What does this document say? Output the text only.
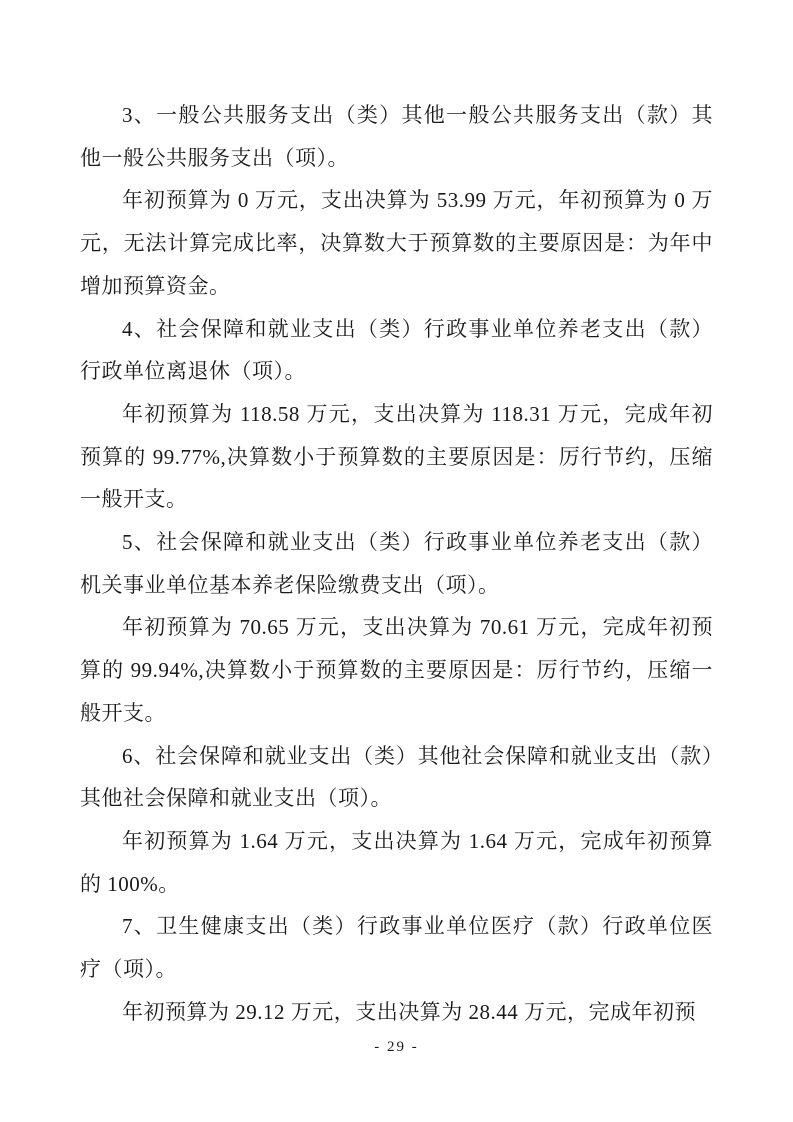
3、一般公共服务支出（类）其他一般公共服务支出（款）其他一般公共服务支出（项）。

年初预算为 0 万元，支出决算为 53.99 万元，年初预算为 0 万元，无法计算完成比率，决算数大于预算数的主要原因是：为年中增加预算资金。

4、社会保障和就业支出（类）行政事业单位养老支出（款）行政单位离退休（项）。

年初预算为 118.58 万元，支出决算为 118.31 万元，完成年初预算的 99.77%,决算数小于预算数的主要原因是：厉行节约，压缩一般开支。

5、社会保障和就业支出（类）行政事业单位养老支出（款）机关事业单位基本养老保险缴费支出（项）。

年初预算为 70.65 万元，支出决算为 70.61 万元，完成年初预算的 99.94%,决算数小于预算数的主要原因是：厉行节约，压缩一般开支。

6、社会保障和就业支出（类）其他社会保障和就业支出（款）其他社会保障和就业支出（项）。

年初预算为 1.64 万元，支出决算为 1.64 万元，完成年初预算的 100%。

7、卫生健康支出（类）行政事业单位医疗（款）行政单位医疗（项）。

年初预算为 29.12 万元，支出决算为 28.44 万元，完成年初预

- 29 -
